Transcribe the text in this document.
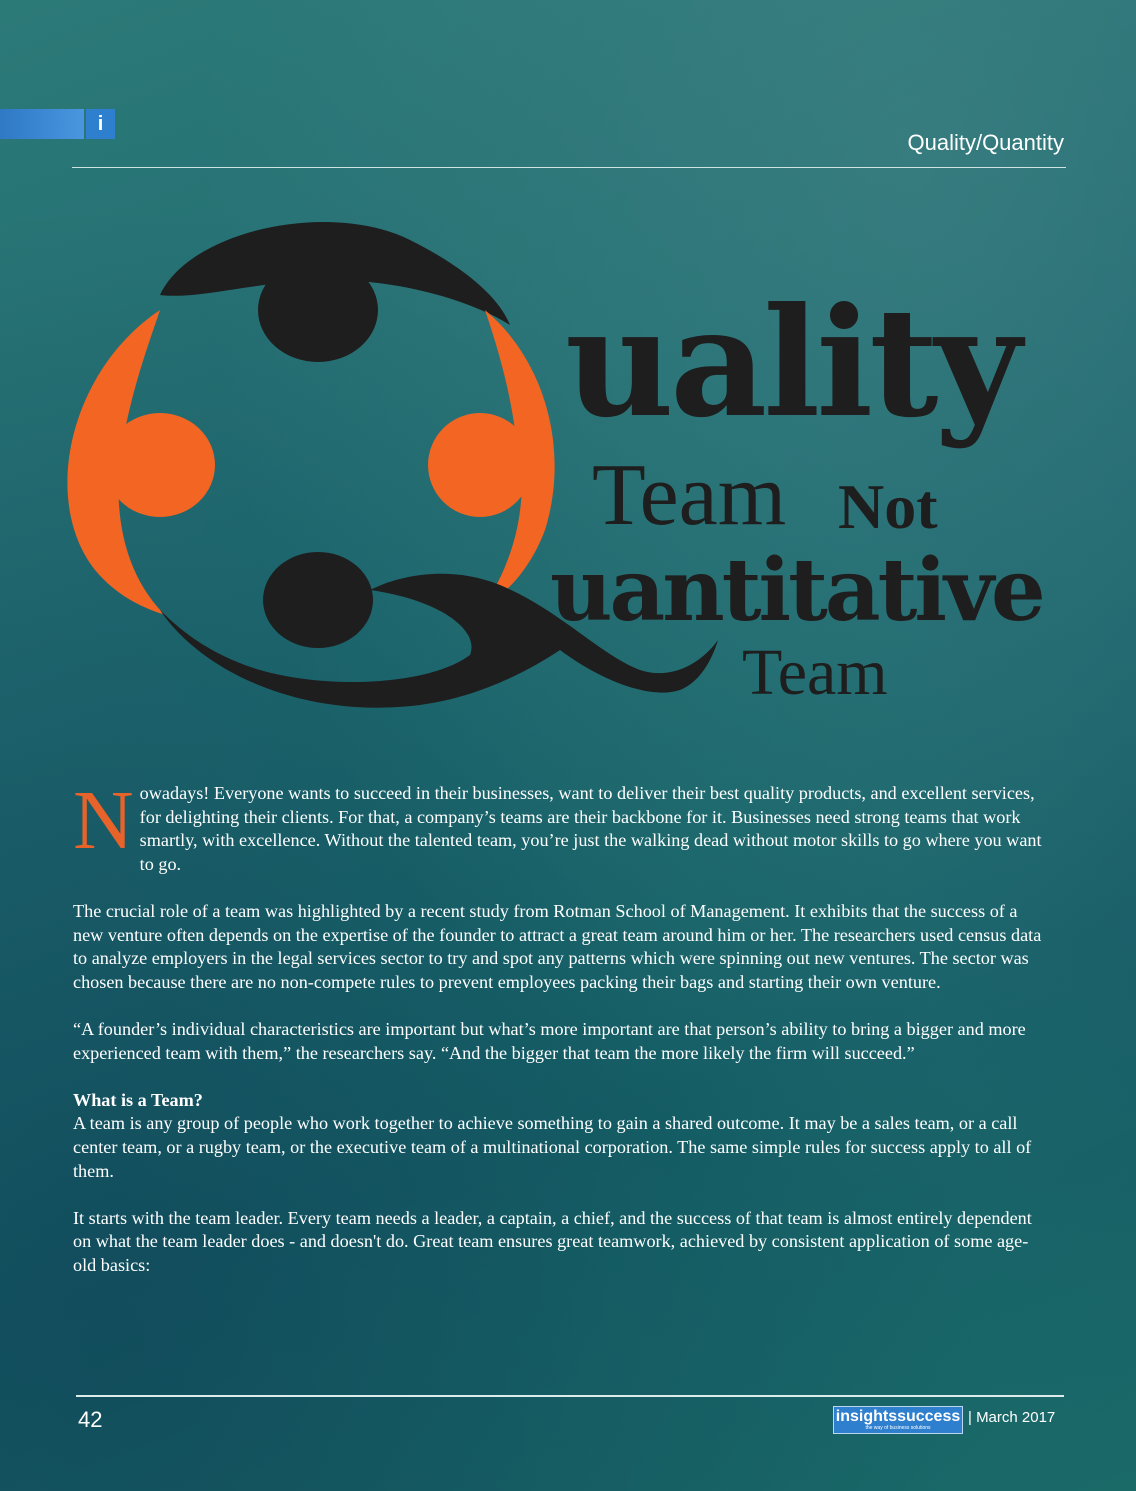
i
Quality/Quantity
uality
Team Not
uantitative
Team

Nowadays! Everyone wants to succeed in their businesses, want to deliver their best quality products, and excellent services, for delighting their clients. For that, a company’s teams are their backbone for it. Businesses need strong teams that work smartly, with excellence. Without the talented team, you’re just the walking dead without motor skills to go where you want to go.

The crucial role of a team was highlighted by a recent study from Rotman School of Management. It exhibits that the success of a new venture often depends on the expertise of the founder to attract a great team around him or her. The researchers used census data to analyze employers in the legal services sector to try and spot any patterns which were spinning out new ventures. The sector was chosen because there are no non-compete rules to prevent employees packing their bags and starting their own venture.

“A founder’s individual characteristics are important but what’s more important are that person’s ability to bring a bigger and more experienced team with them,” the researchers say. “And the bigger that team the more likely the firm will succeed.”

What is a Team?
A team is any group of people who work together to achieve something to gain a shared outcome. It may be a sales team, or a call center team, or a rugby team, or the executive team of a multinational corporation. The same simple rules for success apply to all of them.

It starts with the team leader. Every team needs a leader, a captain, a chief, and the success of that team is almost entirely dependent on what the team leader does - and doesn't do. Great team ensures great teamwork, achieved by consistent application of some age-old basics:

42	insightssuccess
the way of business solutions
| March 2017
